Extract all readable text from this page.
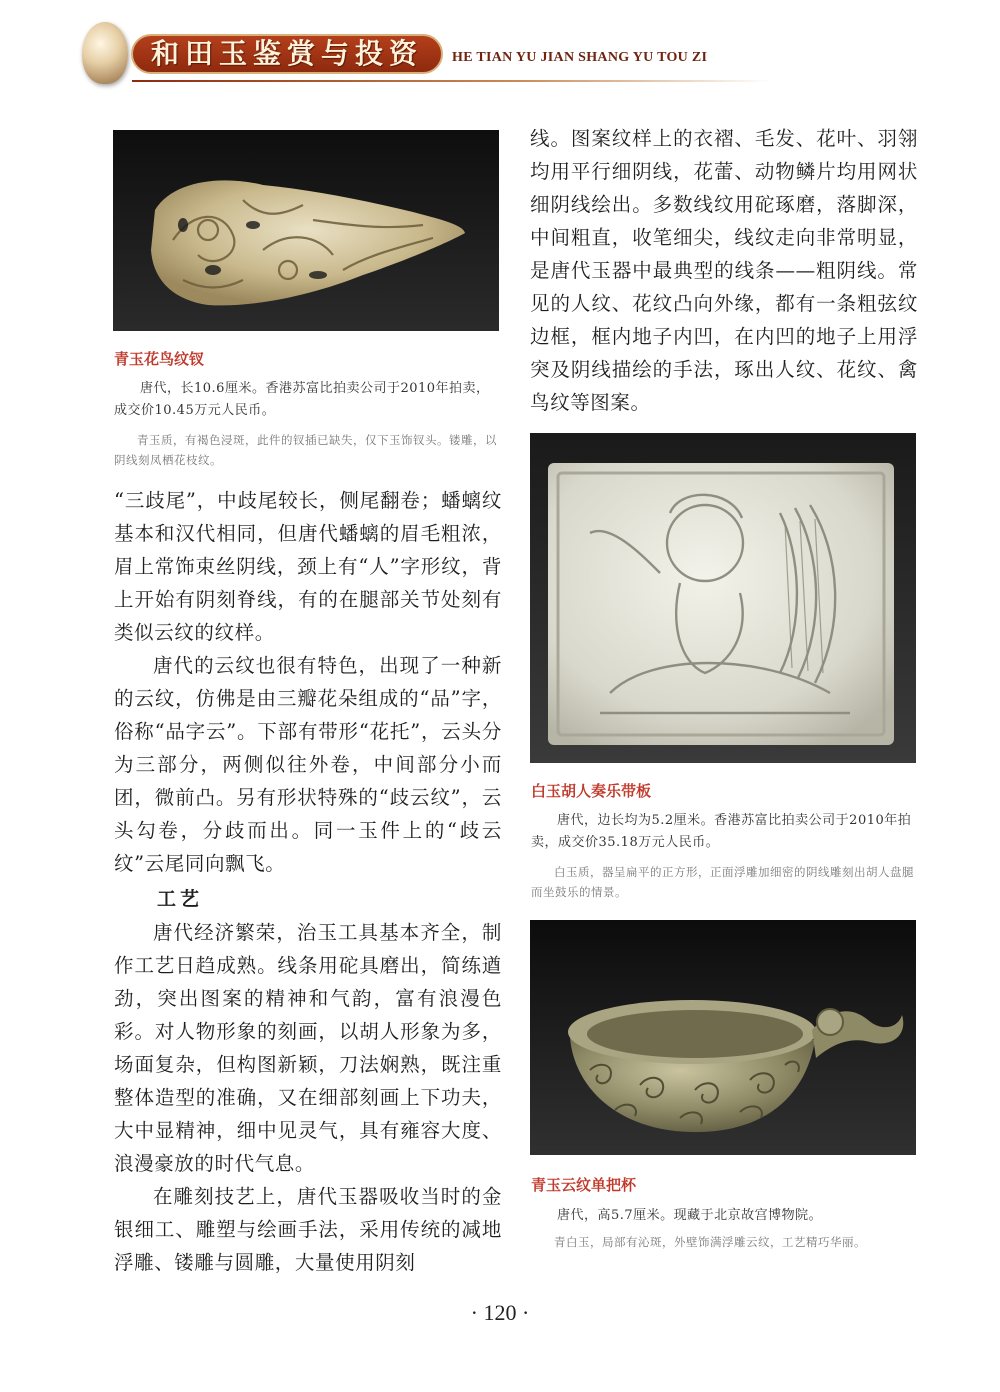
和田玉鉴赏与投资	HE TIAN YU JIAN SHANG YU TOU ZI
青玉花鸟纹钗
唐代，长10.6厘米。香港苏富比拍卖公司于2010年拍卖，成交价10.45万元人民币。
青玉质，有褐色浸斑，此件的钗插已缺失，仅下玉饰钗头。镂雕，以阴线刻凤栖花枝纹。

“三歧尾”，中歧尾较长，侧尾翻卷；蟠螭纹基本和汉代相同，但唐代蟠螭的眉毛粗浓，眉上常饰束丝阴线，颈上有“人”字形纹，背上开始有阴刻脊线，有的在腿部关节处刻有类似云纹的纹样。

唐代的云纹也很有特色，出现了一种新的云纹，仿佛是由三瓣花朵组成的“品”字，俗称“品字云”。下部有带形“花托”，云头分为三部分，两侧似往外卷，中间部分小而团，微前凸。另有形状特殊的“歧云纹”，云头勾卷，分歧而出。同一玉件上的“歧云纹”云尾同向飘飞。

工艺

唐代经济繁荣，治玉工具基本齐全，制作工艺日趋成熟。线条用砣具磨出，简练遒劲，突出图案的精神和气韵，富有浪漫色彩。对人物形象的刻画，以胡人形象为多，场面复杂，但构图新颖，刀法娴熟，既注重整体造型的准确，又在细部刻画上下功夫，大中显精神，细中见灵气，具有雍容大度、浪漫豪放的时代气息。

在雕刻技艺上，唐代玉器吸收当时的金银细工、雕塑与绘画手法，采用传统的减地浮雕、镂雕与圆雕，大量使用阴刻

线。图案纹样上的衣褶、毛发、花叶、羽翎均用平行细阴线，花蕾、动物鳞片均用网状细阴线绘出。多数线纹用砣琢磨，落脚深，中间粗直，收笔细尖，线纹走向非常明显，是唐代玉器中最典型的线条——粗阴线。常见的人纹、花纹凸向外缘，都有一条粗弦纹边框，框内地子内凹，在内凹的地子上用浮突及阴线描绘的手法，琢出人纹、花纹、禽鸟纹等图案。

白玉胡人奏乐带板
唐代，边长均为5.2厘米。香港苏富比拍卖公司于2010年拍卖，成交价35.18万元人民币。
白玉质，器呈扁平的正方形，正面浮雕加细密的阴线雕刻出胡人盘腿而坐鼓乐的情景。
青玉云纹单把杯
唐代，高5.7厘米。现藏于北京故宫博物院。
青白玉，局部有沁斑，外壁饰满浮雕云纹，工艺精巧华丽。
· 120 ·
